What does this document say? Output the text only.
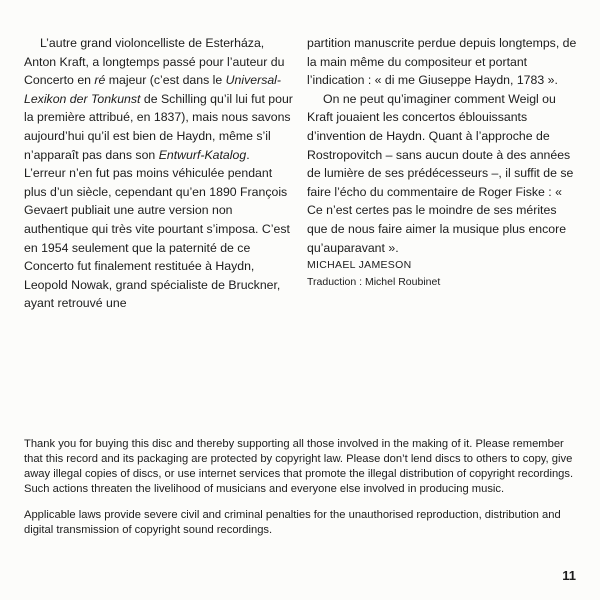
L’autre grand violoncelliste de Esterháza, Anton Kraft, a longtemps passé pour l’auteur du Concerto en ré majeur (c’est dans le Universal-Lexikon der Tonkunst de Schilling qu’il lui fut pour la première attribué, en 1837), mais nous savons aujourd’hui qu’il est bien de Haydn, même s’il n’apparaît pas dans son Entwurf-Katalog. L’erreur n’en fut pas moins véhiculée pendant plus d’un siècle, cependant qu’en 1890 François Gevaert publiait une autre version non authentique qui très vite pourtant s’imposa. C’est en 1954 seulement que la paternité de ce Concerto fut finalement restituée à Haydn, Leopold Nowak, grand spécialiste de Bruckner, ayant retrouvé une

partition manuscrite perdue depuis longtemps, de la main même du compositeur et portant l’indication : « di me Giuseppe Haydn, 1783 ».

On ne peut qu’imaginer comment Weigl ou Kraft jouaient les concertos éblouissants d’invention de Haydn. Quant à l’approche de Rostropovitch – sans aucun doute à des années de lumière de ses prédécesseurs –, il suffit de se faire l’écho du commentaire de Roger Fiske : « Ce n’est certes pas le moindre de ses mérites que de nous faire aimer la musique plus encore qu’auparavant ».

MICHAEL JAMESON

Traduction : Michel Roubinet

Thank you for buying this disc and thereby supporting all those involved in the making of it. Please remember that this record and its packaging are protected by copyright law. Please don’t lend discs to others to copy, give away illegal copies of discs, or use internet services that promote the illegal distribution of copyright recordings. Such actions threaten the livelihood of musicians and everyone else involved in producing music.

Applicable laws provide severe civil and criminal penalties for the unauthorised reproduction, distribution and digital transmission of copyright sound recordings.

11
